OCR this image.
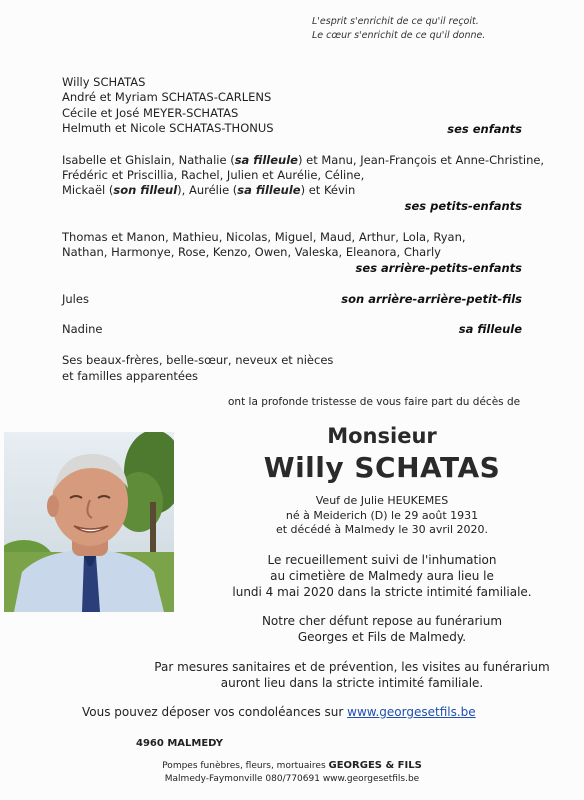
L'esprit s'enrichit de ce qu'il reçoit.
Le cœur s'enrichit de ce qu'il donne.
Willy SCHATAS
André et Myriam SCHATAS-CARLENS
Cécile et José MEYER-SCHATAS
Helmuth et Nicole SCHATAS-THONUS	ses enfants
Isabelle et Ghislain, Nathalie (sa filleule) et Manu, Jean-François et Anne-Christine,
Frédéric et Priscillia, Rachel, Julien et Aurélie, Céline,
Mickaël (son filleul), Aurélie (sa filleule) et Kévin
ses petits-enfants
Thomas et Manon, Mathieu, Nicolas, Miguel, Maud, Arthur, Lola, Ryan,
Nathan, Harmonye, Rose, Kenzo, Owen, Valeska, Eleanora, Charly
ses arrière-petits-enfants
Jules	son arrière-arrière-petit-fils
Nadine	sa filleule
Ses beaux-frères, belle-sœur, neveux et nièces
et familles apparentées
ont la profonde tristesse de vous faire part du décès de
Monsieur
Willy SCHATAS
Veuf de Julie HEUKEMES
né à Meiderich (D) le 29 août 1931
et décédé à Malmedy le 30 avril 2020.
Le recueillement suivi de l'inhumation
au cimetière de Malmedy aura lieu le
lundi 4 mai 2020 dans la stricte intimité familiale.
Notre cher défunt repose au funérarium
Georges et Fils de Malmedy.
Par mesures sanitaires et de prévention, les visites au funérarium
auront lieu dans la stricte intimité familiale.
Vous pouvez déposer vos condoléances sur www.georgesetfils.be
4960 MALMEDY
Pompes funèbres, fleurs, mortuaires GEORGES & FILS
Malmedy-Faymonville 080/770691 www.georgesetfils.be
